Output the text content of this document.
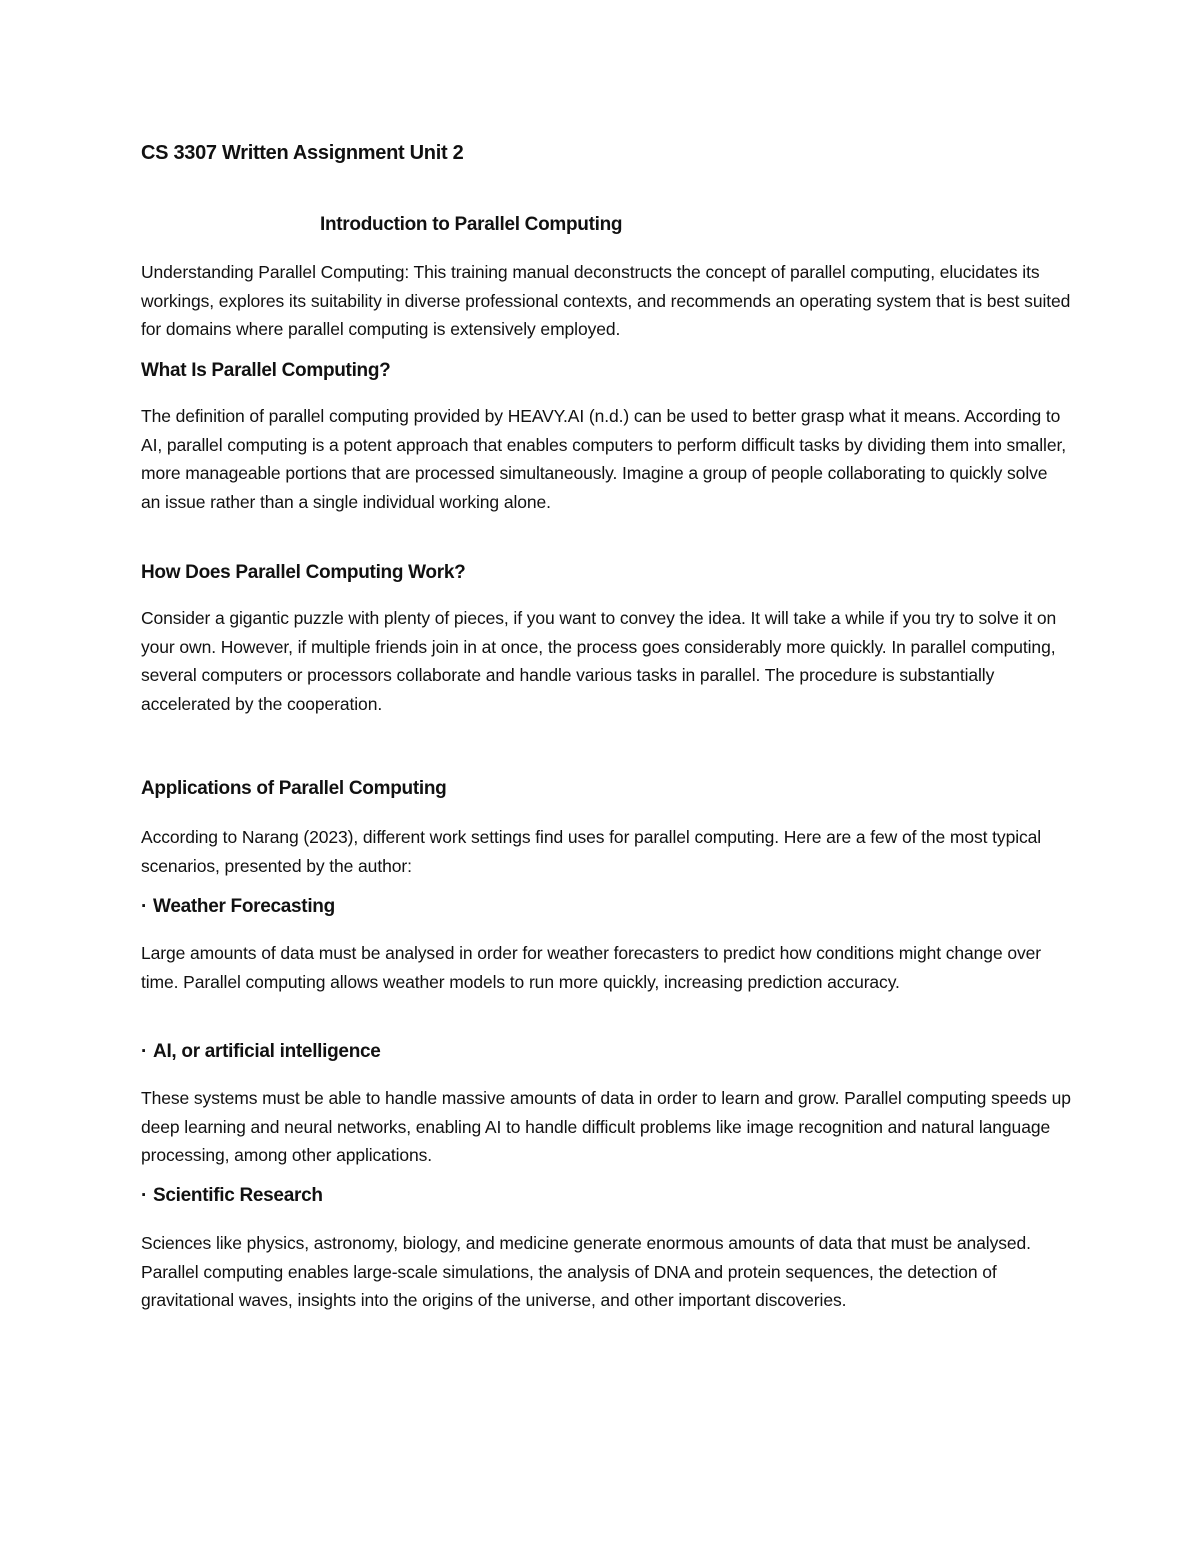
CS 3307 Written Assignment Unit 2
Introduction to Parallel Computing

Understanding Parallel Computing: This training manual deconstructs the concept of parallel computing, elucidates its workings, explores its suitability in diverse professional contexts, and recommends an operating system that is best suited for domains where parallel computing is extensively employed.

What Is Parallel Computing?

The definition of parallel computing provided by HEAVY.AI (n.d.) can be used to better grasp what it means. According to AI, parallel computing is a potent approach that enables computers to perform difficult tasks by dividing them into smaller, more manageable portions that are processed simultaneously. Imagine a group of people collaborating to quickly solve an issue rather than a single individual working alone.

How Does Parallel Computing Work?

Consider a gigantic puzzle with plenty of pieces, if you want to convey the idea. It will take a while if you try to solve it on your own. However, if multiple friends join in at once, the process goes considerably more quickly. In parallel computing, several computers or processors collaborate and handle various tasks in parallel. The procedure is substantially accelerated by the cooperation.

Applications of Parallel Computing

According to Narang (2023), different work settings find uses for parallel computing. Here are a few of the most typical scenarios, presented by the author:

· Weather Forecasting

Large amounts of data must be analysed in order for weather forecasters to predict how conditions might change over time. Parallel computing allows weather models to run more quickly, increasing prediction accuracy.

· AI, or artificial intelligence

These systems must be able to handle massive amounts of data in order to learn and grow. Parallel computing speeds up deep learning and neural networks, enabling AI to handle difficult problems like image recognition and natural language processing, among other applications.

· Scientific Research

Sciences like physics, astronomy, biology, and medicine generate enormous amounts of data that must be analysed. Parallel computing enables large-scale simulations, the analysis of DNA and protein sequences, the detection of gravitational waves, insights into the origins of the universe, and other important discoveries.
